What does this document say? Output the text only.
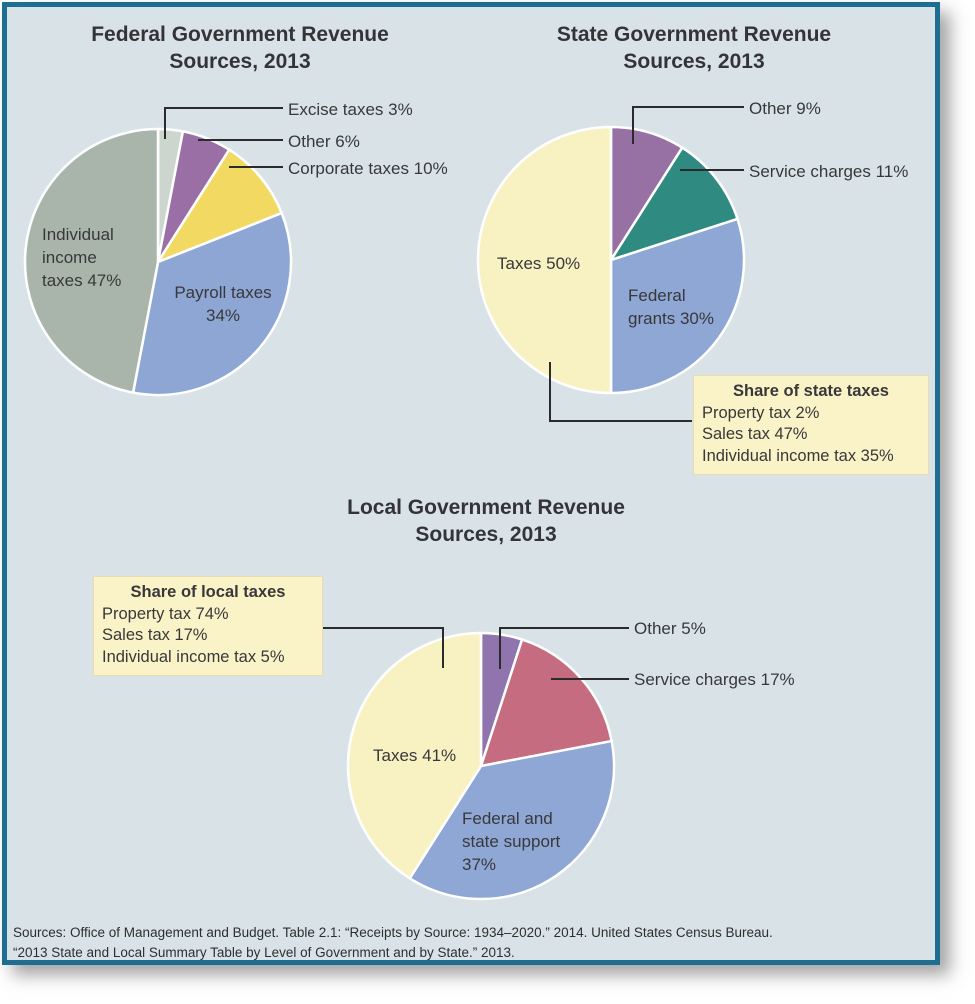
Federal Government Revenue
Sources, 2013
State Government Revenue
Sources, 2013
Local Government Revenue
Sources, 2013
Excise taxes 3%
Other 6%
Corporate taxes 10%
Individual
income
taxes 47%
Payroll taxes
34%
Other 9%
Service charges 11%
Taxes 50%
Federal
grants 30%
Share of state taxes
Property tax 2%
Sales tax 47%
Individual income tax 35%
Other 5%
Service charges 17%
Taxes 41%
Federal and
state support
37%
Share of local taxes
Property tax 74%
Sales tax 17%
Individual income tax 5%
Sources: Office of Management and Budget. Table 2.1: “Receipts by Source: 1934–2020.” 2014. United States Census Bureau.
“2013 State and Local Summary Table by Level of Government and by State.” 2013.
